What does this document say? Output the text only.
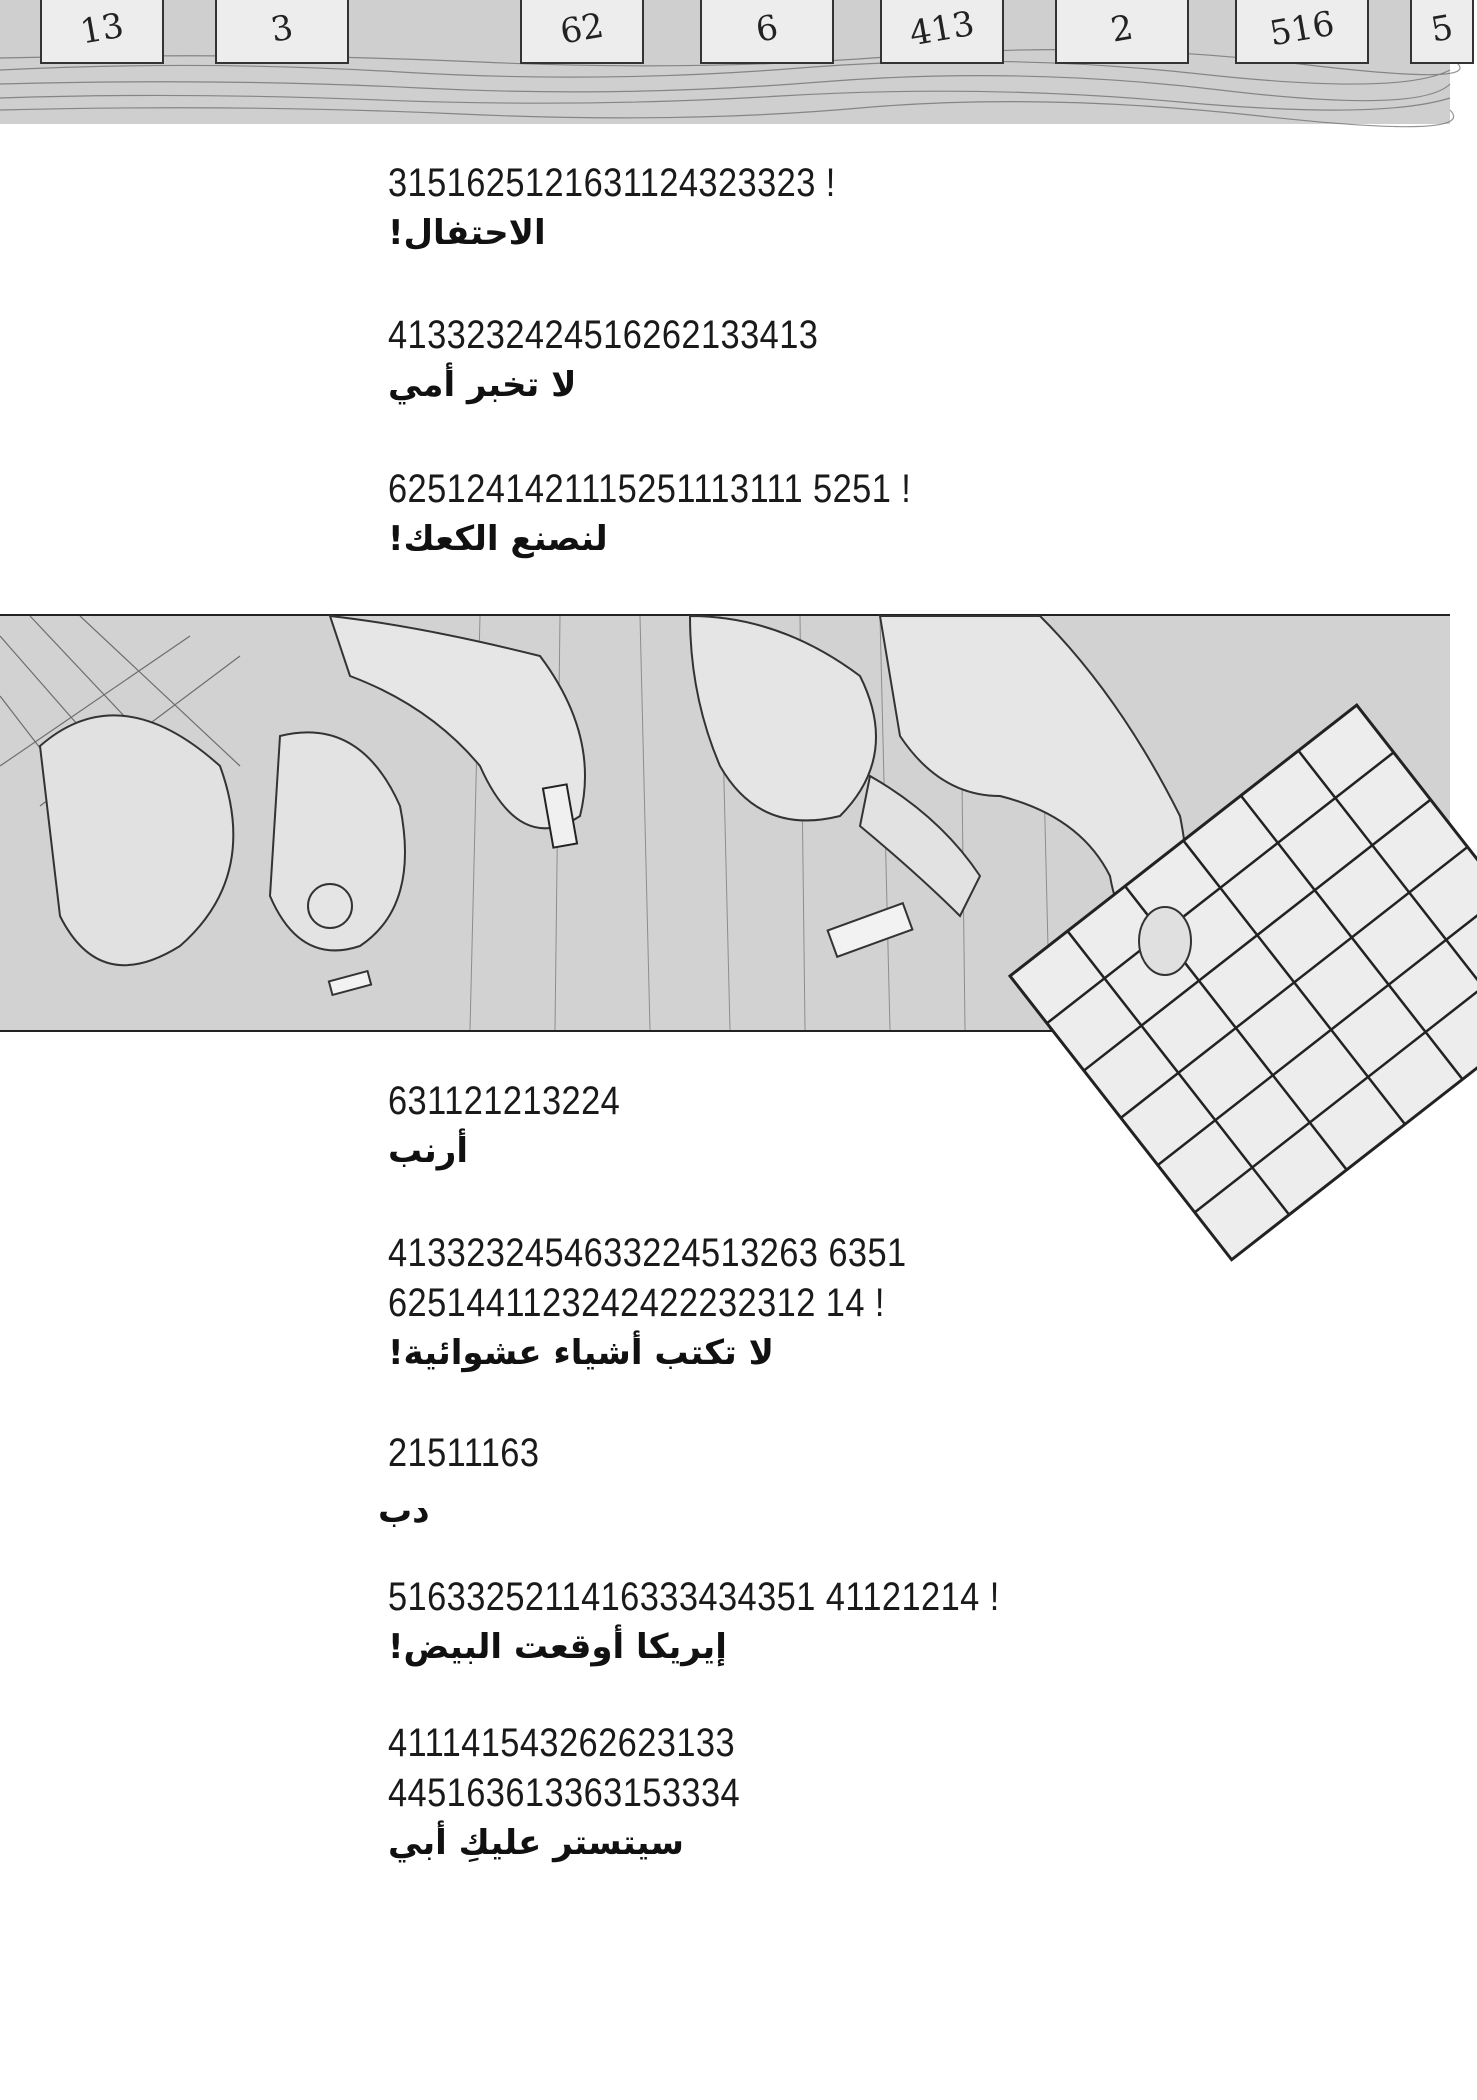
13	3	62	6	413	2	516	5
3151625121631124323323 !
الاحتفال!
4133232424516262133413
لا تخبر أمي
6251241421115251113111 5251 !
لنصنع الكعك!
631121213224
أرنب
4133232454633224513263 6351
6251441123242422232312 14 !
لا تكتب أشياء عشوائية!
21511163
دب
5163325211416333434351 41121214 !
إيريكا أوقعت البيض!
411141543262623133
445163613363153334
سيتستر عليكِ أبي
